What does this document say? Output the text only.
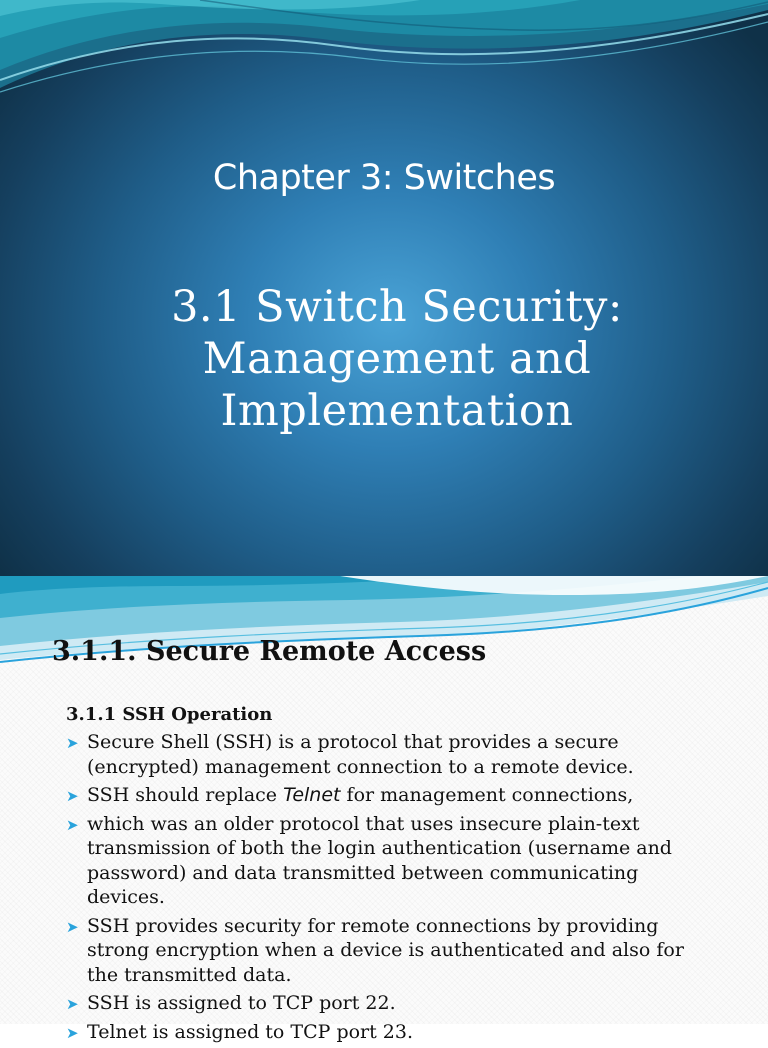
Chapter 3: Switches
3.1 Switch Security: Management and Implementation
3.1.1. Secure Remote Access
3.1.1 SSH Operation
➤ Secure Shell (SSH) is a protocol that provides a secure (encrypted) management connection to a remote device.
➤ SSH should replace Telnet for management connections,
➤ which was an older protocol that uses insecure plain-text transmission of both the login authentication (username and password) and data transmitted between communicating devices.
➤ SSH provides security for remote connections by providing strong encryption when a device is authenticated and also for the transmitted data.
➤ SSH is assigned to TCP port 22.
➤ Telnet is assigned to TCP port 23.
